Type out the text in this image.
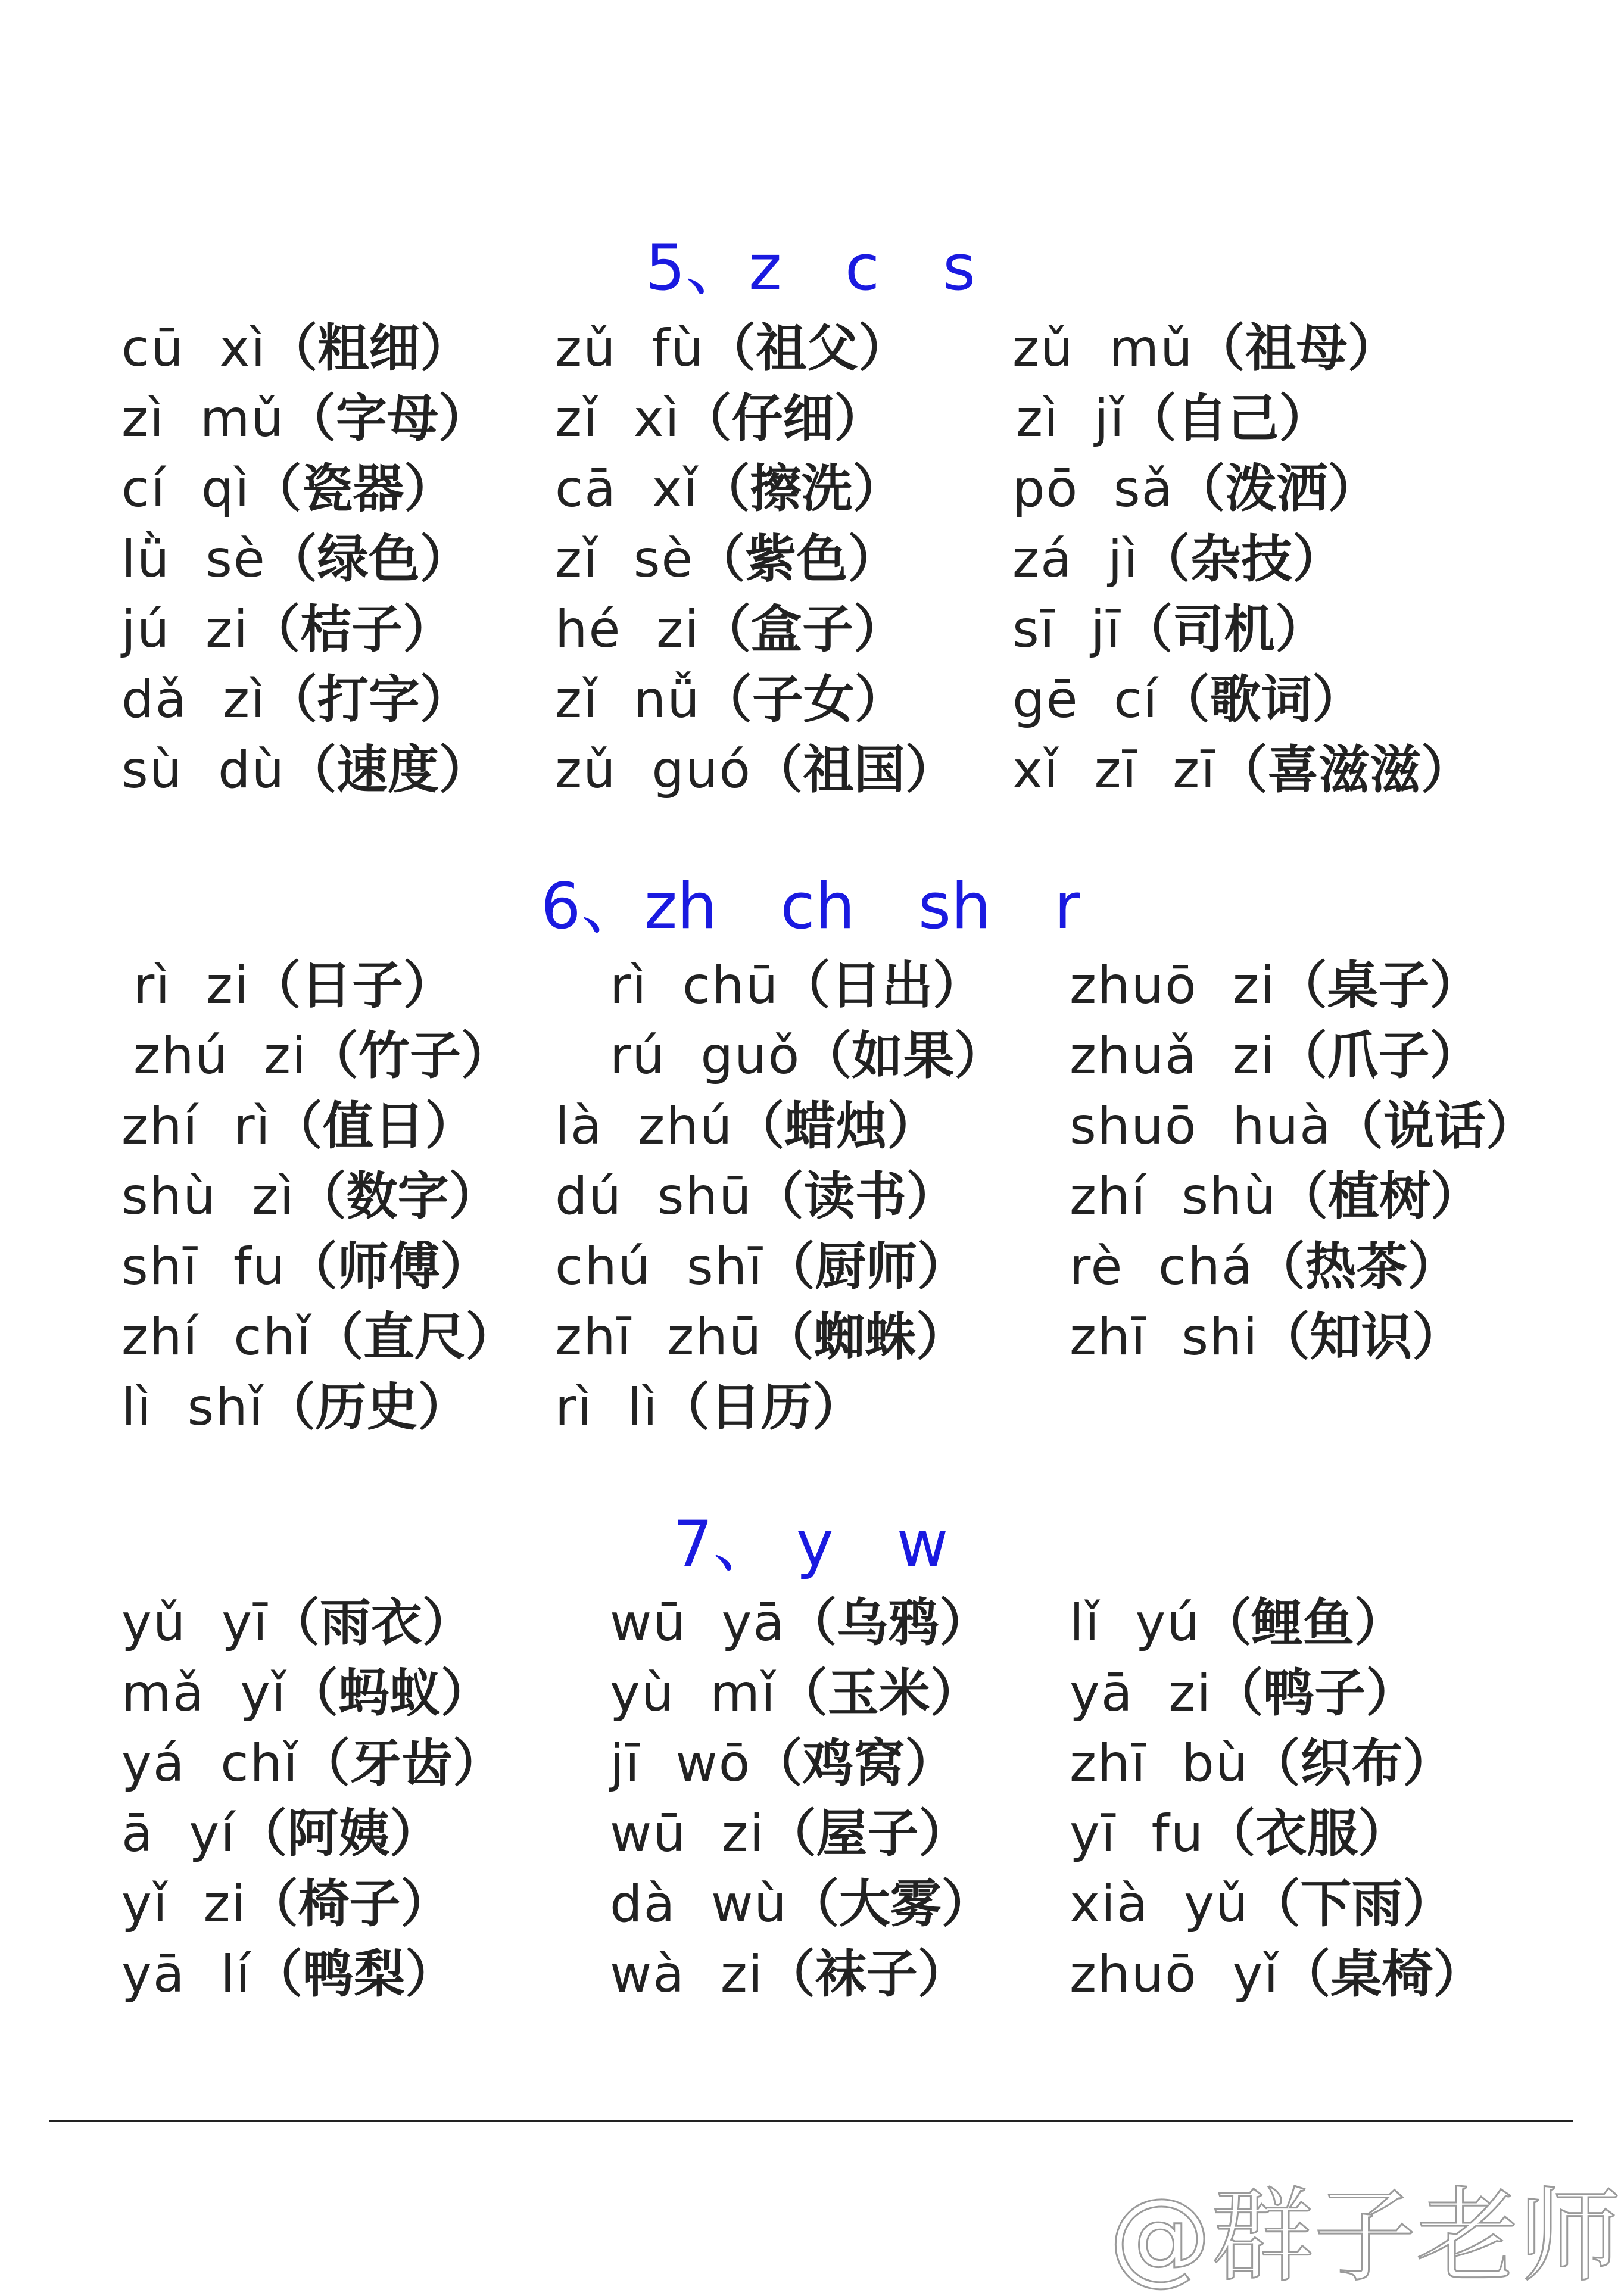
5、z　c　s
cū  xì（粗细） zǔ  fù（祖父） zǔ  mǔ（祖母）
zì  mǔ（字母） zǐ  xì（仔细）	zì  jǐ（自己）
cí  qì（瓷器） cā  xǐ（擦洗） pō  sǎ（泼洒）
lǜ  sè（绿色） zǐ  sè（紫色） zá  jì（杂技）
jú  zi（桔子） hé  zi（盒子） sī  jī（司机）
dǎ  zì（打字） zǐ  nǚ（子女） gē  cí（歌词）
sù  dù（速度） zǔ  guó（祖国） xǐ  zī  zī（喜滋滋）
6、zh　ch　sh　r
rì  zi（日子）	rì  chū（日出） zhuō  zi（桌子）
zhú  zi（竹子） rú  guǒ（如果） zhuǎ  zi（爪子）
zhí  rì（值日） là  zhú（蜡烛）	shuō  huà（说话）
shù  zì（数字） dú  shū（读书） zhí  shù（植树）
shī  fu（师傅） chú  shī（厨师） rè  chá（热茶）
zhí  chǐ（直尺） zhī  zhū（蜘蛛） zhī  shi（知识）
lì  shǐ（历史） rì  lì（日历）
7、 y　w
yǔ  yī（雨衣）	wū  yā（乌鸦） lǐ  yú（鲤鱼）
mǎ  yǐ（蚂蚁） yù  mǐ（玉米） yā  zi（鸭子）
yá  chǐ（牙齿） jī  wō（鸡窝） zhī  bù（织布）
ā  yí（阿姨）	wū  zi（屋子） yī  fu（衣服）
yǐ  zi（椅子）	dà  wù（大雾） xià  yǔ（下雨）
yā  lí（鸭梨）	wà  zi（袜子） zhuō  yǐ（桌椅）
@群子老师
